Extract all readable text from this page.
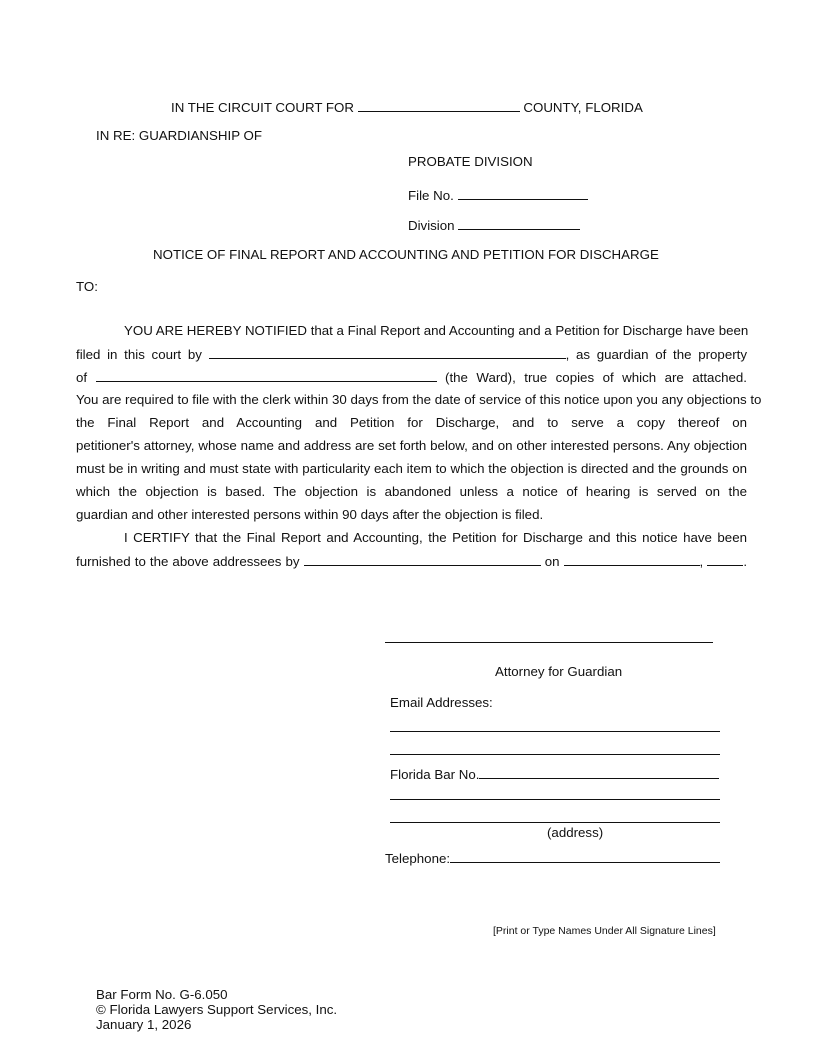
IN THE CIRCUIT COURT FOR	COUNTY, FLORIDA
IN RE: GUARDIANSHIP OF
PROBATE DIVISION
File No.
Division
NOTICE OF FINAL REPORT AND ACCOUNTING AND PETITION FOR DISCHARGE
TO:
YOU ARE HEREBY NOTIFIED that a Final Report and Accounting and a Petition for Discharge have been
filed in this court by	, as guardian of the property
of	(the Ward), true copies of which are attached.
You are required to file with the clerk within 30 days from the date of service of this notice upon you any objections to
the Final Report and Accounting and Petition for Discharge, and to serve a copy thereof on
petitioner's attorney, whose name and address are set forth below, and on other interested persons. Any objection
must be in writing and must state with particularity each item to which the objection is directed and the grounds on
which the objection is based. The objection is abandoned unless a notice of hearing is served on the
guardian and other interested persons within 90 days after the objection is filed.
I CERTIFY that the Final Report and Accounting, the Petition for Discharge and this notice have been
furnished to the above addressees by	on	,	.
Attorney for Guardian
Email Addresses:
Florida Bar No.
(address)
Telephone:
[Print or Type Names Under All Signature Lines]
Bar Form No. G-6.050
© Florida Lawyers Support Services, Inc.
January 1, 2026
